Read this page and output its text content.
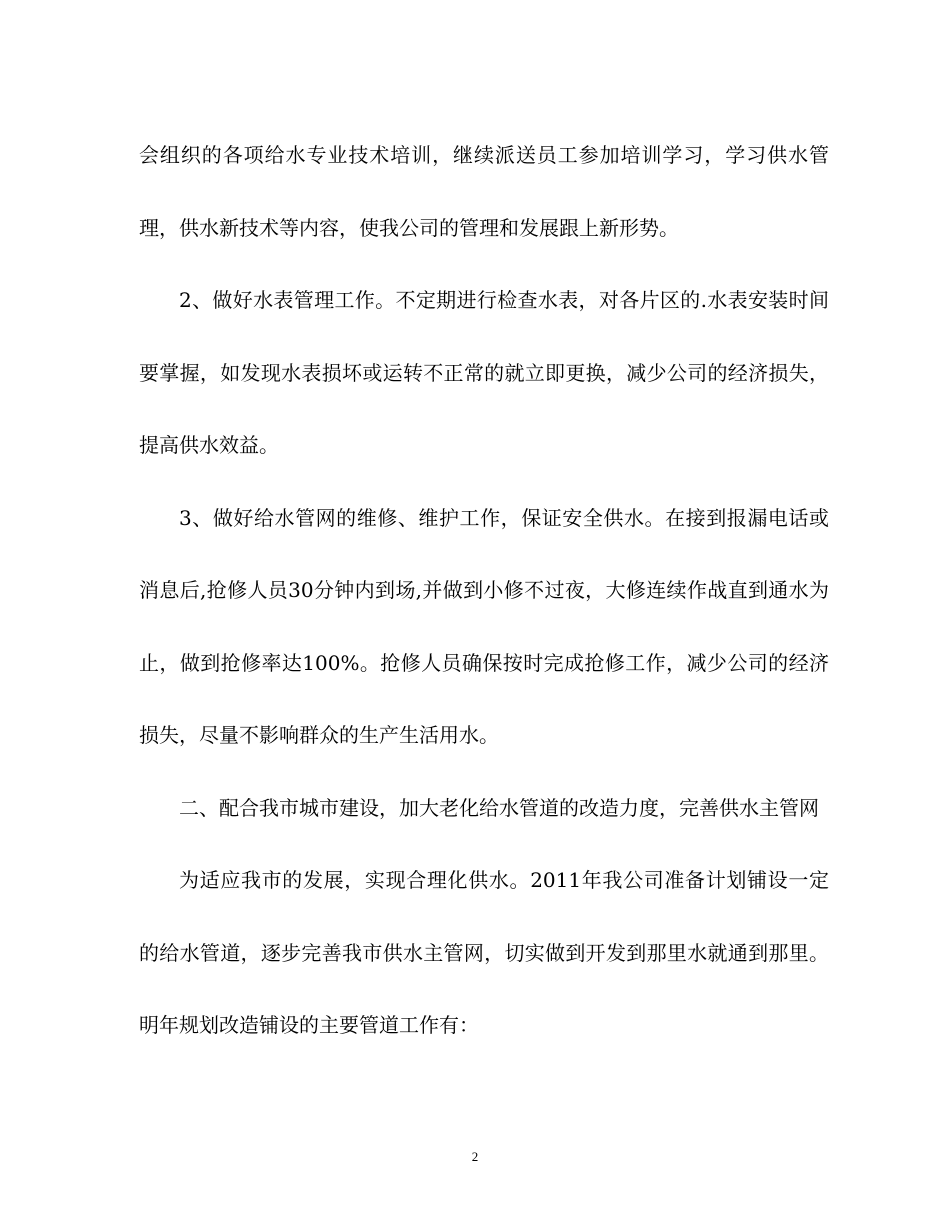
会组织的各项给水专业技术培训，继续派送员工参加培训学习，学习供水管理，供水新技术等内容，使我公司的管理和发展跟上新形势。

2、做好水表管理工作。不定期进行检查水表，对各片区的.水表安装时间要掌握，如发现水表损坏或运转不正常的就立即更换，减少公司的经济损失，提高供水效益。

3、做好给水管网的维修、维护工作，保证安全供水。在接到报漏电话或消息后,抢修人员30分钟内到场,并做到小修不过夜，大修连续作战直到通水为止，做到抢修率达100%。抢修人员确保按时完成抢修工作，减少公司的经济损失，尽量不影响群众的生产生活用水。

二、配合我市城市建设，加大老化给水管道的改造力度，完善供水主管网

为适应我市的发展，实现合理化供水。2011年我公司准备计划铺设一定的给水管道，逐步完善我市供水主管网，切实做到开发到那里水就通到那里。明年规划改造铺设的主要管道工作有：

2
